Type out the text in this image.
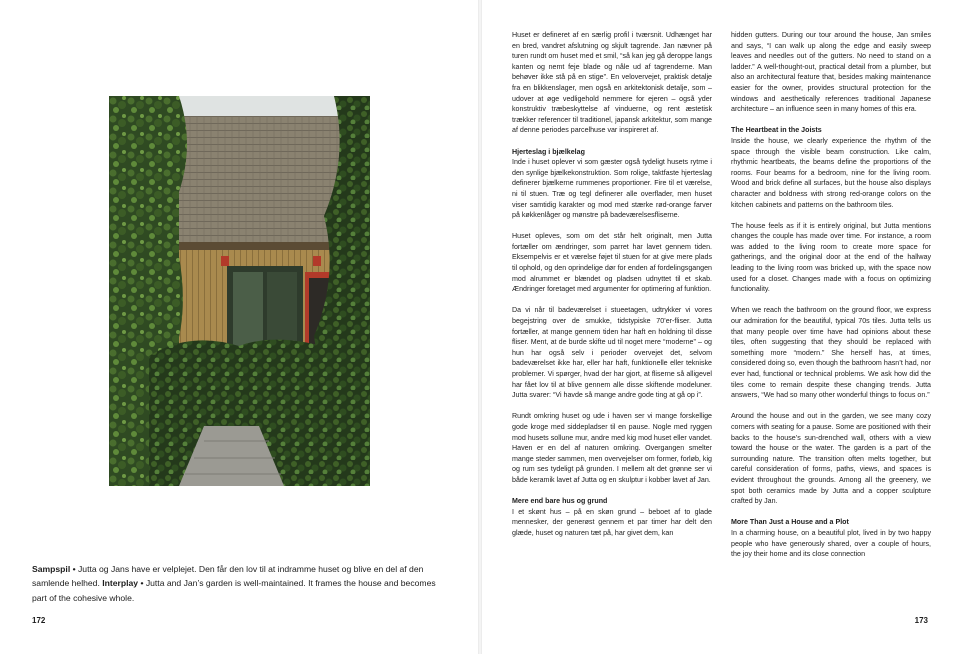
Sampspil • Jutta og Jans have er velplejet. Den får den lov til at indramme huset og blive en del af den samlende helhed. Interplay • Jutta and Jan’s garden is well-maintained. It frames the house and becomes part of the cohesive whole.

172

Huset er defineret af en særlig profil i tværsnit. Udhænget har en bred, vandret afslutning og skjult tagrende. Jan nævner på turen rundt om huset med et smil, “så kan jeg gå deroppe langs kanten og nemt feje blade og nåle ud af tagrenderne. Man behøver ikke stå på en stige”. En velovervejet, praktisk detalje fra en blikkenslager, men også en arkitektonisk detalje, som – udover at øge vedligehold nemmere for ejeren – også yder konstruktiv træbeskyttelse af vinduerne, og rent æstetisk trækker referencer til traditionel, japansk arkitektur, som mange af denne periodes parcelhuse var inspireret af.

Hjerteslag i bjælkelag

Inde i huset oplever vi som gæster også tydeligt husets rytme i den synlige bjælkekonstruktion. Som rolige, taktfaste hjerteslag definerer bjælkerne rummenes proportioner. Fire til et værelse, ni til stuen. Træ og tegl definerer alle overflader, men huset viser samtidig karakter og mod med stærke rød-orange farver på køkkenlåger og mønstre på badeværelsesfliserne.

Huset opleves, som om det står helt originalt, men Jutta fortæller om ændringer, som parret har lavet gennem tiden. Eksempelvis er et værelse føjet til stuen for at give mere plads til ophold, og den oprindelige dør for enden af fordelingsgangen mod alrummet er blændet og pladsen udnyttet til et skab. Ændringer foretaget med argumenter for optimering af funktion.

Da vi når til badeværelset i stueetagen, udtrykker vi vores begejstring over de smukke, tidstypiske 70’er-fliser. Jutta fortæller, at mange gennem tiden har haft en holdning til disse fliser. Ment, at de burde skifte ud til noget mere “moderne” – og hun har også selv i perioder overvejet det, selvom badeværelset ikke har, eller har haft, funktionelle eller tekniske problemer. Vi spørger, hvad der har gjort, at fliserne så alligevel har fået lov til at blive gennem alle disse skiftende modeluner. Jutta svarer: “Vi havde så mange andre gode ting at gå op i”.

Rundt omkring huset og ude i haven ser vi mange forskellige gode kroge med siddepladser til en pause. Nogle med ryggen mod husets sollune mur, andre med kig mod huset eller vandet. Haven er en del af naturen omkring. Overgangen smelter mange steder sammen, men overvejelser om former, forløb, kig og rum ses tydeligt på grunden. I mellem alt det grønne ser vi både keramik lavet af Jutta og en skulptur i kobber lavet af Jan.

Mere end bare hus og grund

I et skønt hus – på en skøn grund – beboet af to glade mennesker, der generøst gennem et par timer har delt den glæde, huset og naturen tæt på, har givet dem, kan

hidden gutters. During our tour around the house, Jan smiles and says, “I can walk up along the edge and easily sweep leaves and needles out of the gutters. No need to stand on a ladder.” A well-thought-out, practical detail from a plumber, but also an architectural feature that, besides making maintenance easier for the owner, provides structural protection for the windows and aesthetically references traditional Japanese architecture – an influence seen in many homes of this era.

The Heartbeat in the Joists

Inside the house, we clearly experience the rhythm of the space through the visible beam construction. Like calm, rhythmic heartbeats, the beams define the proportions of the rooms. Four beams for a bedroom, nine for the living room. Wood and brick define all surfaces, but the house also displays character and boldness with strong red-orange colors on the kitchen cabinets and patterns on the bathroom tiles.

The house feels as if it is entirely original, but Jutta mentions changes the couple has made over time. For instance, a room was added to the living room to create more space for gatherings, and the original door at the end of the hallway leading to the living room was bricked up, with the space now used for a closet. Changes made with a focus on optimizing functionality.

When we reach the bathroom on the ground floor, we express our admiration for the beautiful, typical 70s tiles. Jutta tells us that many people over time have had opinions about these tiles, often suggesting that they should be replaced with something more “modern.” She herself has, at times, considered doing so, even though the bathroom hasn’t had, nor ever had, functional or technical problems. We ask how did the tiles come to remain despite these changing trends. Jutta answers, “We had so many other wonderful things to focus on.”

Around the house and out in the garden, we see many cozy corners with seating for a pause. Some are positioned with their backs to the house’s sun-drenched wall, others with a view toward the house or the water. The garden is a part of the surrounding nature. The transition often melts together, but careful consideration of forms, paths, views, and spaces is evident throughout the grounds. Among all the greenery, we spot both ceramics made by Jutta and a copper sculpture crafted by Jan.

More Than Just a House and a Plot

In a charming house, on a beautiful plot, lived in by two happy people who have generously shared, over a couple of hours, the joy their home and its close connection

173
